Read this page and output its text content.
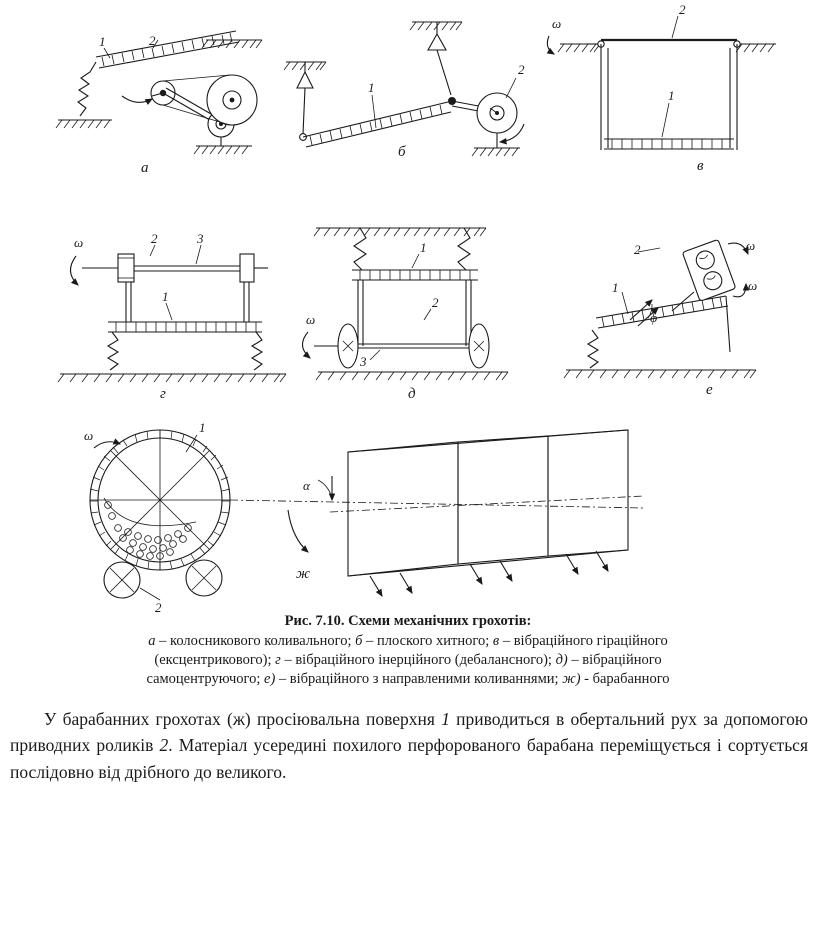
1	2
а
1
2
б
ω
2
1
в
ω	2	3
1
г
ω
1
2
3
д
ω
ω
φ
2
1
е
ω
1
2
α
ж
Рис. 7.10. Схеми механічних грохотів:
а – колосникового коливального; б – плоского хитного; в – вібраційного гіраційного
(ексцентрикового); г – вібраційного інерційного (дебалансного); д) – вібраційного
самоцентруючого; е) – вібраційного з направленими коливаннями; ж) - барабанного

У барабанних грохотах (ж) просіювальна поверхня 1 приводиться в обертальний рух за допомогою приводних роликів 2. Матеріал усередині похилого перфорованого барабана переміщується і сортується послідовно від дрібного до великого.
